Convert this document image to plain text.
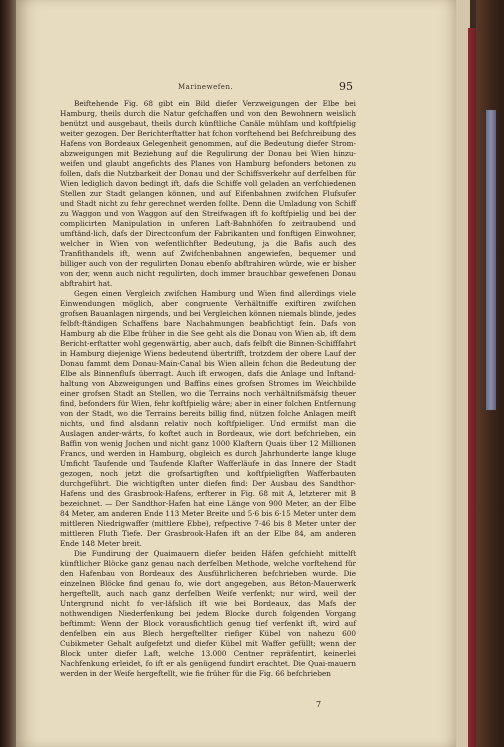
Marinewefen.	95

Beiftehende Fig. 68 gibt ein Bild diefer Verzweigungen der Elbe bei Hamburg, theils durch die Natur gefchaffen und von den Bewohnern weislich benützt und ausgebaut, theils durch künftliche Canäle mühfam und koftfpielig weiter gezogen. Der Berichterftatter hat fchon vorftehend bei Befchreibung des Hafens von Bordeaux Gelegenheit genommen, auf die Bedeutung diefer Strom-abzweigungen mit Beziehung auf die Regulirung der Donau bei Wien hinzu-weifen und glaubt angefichts des Planes von Hamburg befonders betonen zu follen, dafs die Nutzbarkeit der Donau und der Schiffsverkehr auf derfelben für Wien lediglich davon bedingt ift, dafs die Schiffe voll geladen an verfchiedenen Stellen zur Stadt gelangen können, und auf Eifenbahnen zwifchen Flufsufer und Stadt nicht zu fehr gerechnet werden follte. Denn die Umladung von Schiff zu Waggon und von Waggon auf den Streifwagen ift fo koftfpielig und bei der complicirten Manipulation in unferen Laft-Bahnhöfen fo zeitraubend und umftänd-lich, dafs der Directconfum der Fabrikanten und fonftigen Einwohner, welcher in Wien von wefentlichfter Bedeutung, ja die Bafis auch des Tranfithandels ift, wenn auf Zwifchenbahnen angewiefen, bequemer und billiger auch von der regulirten Donau ebenfo abftrahiren würde, wie er bisher von der, wenn auch nicht regulirten, doch immer brauchbar gewefenen Donau abftrahirt hat.

Gegen einen Vergleich zwifchen Hamburg und Wien find allerdings viele Einwendungen möglich, aber congruente Verhältniffe exiftiren zwifchen grofsen Bauanlagen nirgends, und bei Vergleichen können niemals blinde, jedes felbft-ftändigen Schaffens bare Nachahmungen beabfichtigt fein. Dafs von Hamburg ab die Elbe früher in die See geht als die Donau von Wien ab, ift dem Bericht-erftatter wohl gegenwärtig, aber auch, dafs felbft die Binnen-Schifffahrt in Hamburg diejenige Wiens bedeutend übertrifft, trotzdem der obere Lauf der Donau fammt dem Donau-Main-Canal bis Wien allein fchon die Bedeutung der Elbe als Binnenflufs überragt. Auch ift erwogen, dafs die Anlage und Inftand-haltung von Abzweigungen und Baffins eines grofsen Stromes im Weichbilde einer grofsen Stadt an Stellen, wo die Terrains noch verhältnifsmäfsig theuer find, befonders für Wien, fehr koftfpielig wäre; aber in einer folchen Entfernung von der Stadt, wo die Terrains bereits billig find, nützen folche Anlagen meift nichts, und find alsdann relativ noch koftfpieliger. Und ermifst man die Auslagen ander-wärts, fo koftet auch in Bordeaux, wie dort befchrieben, ein Baffin von wenig Jochen und nicht ganz 1000 Klaftern Quais über 12 Millionen Francs, und werden in Hamburg, obgleich es durch Jahrhunderte lange kluge Umficht Taufende und Taufende Klafter Wafferläufe in das Innere der Stadt gezogen, noch jetzt die grofsartigften und koftfpieligften Wafferbauten durchgeführt. Die wichtigften unter diefen find: Der Ausbau des Sandthor-Hafens und des Grasbrook-Hafens, erfterer in Fig. 68 mit A, letzterer mit B bezeichnet. — Der Sandthor-Hafen hat eine Länge von 900 Meter, an der Elbe 84 Meter, am anderen Ende 113 Meter Breite und 5·6 bis 6·15 Meter unter dem mittleren Niedrigwaffer (mittlere Ebbe), refpective 7·46 bis 8 Meter unter der mittleren Fluth Tiefe. Der Grasbrook-Hafen ift an der Elbe 84, am anderen Ende 148 Meter breit.

Die Fundirung der Quaimauern diefer beiden Häfen gefchieht mittelft künftlicher Blöcke ganz genau nach derfelben Methode, welche vorftehend für den Hafenbau von Bordeaux des Ausführlicheren befchrieben wurde. Die einzelnen Blöcke find genau fo, wie dort angegeben, aus Béton-Mauerwerk hergeftellt, auch nach ganz derfelben Weife verfenkt; nur wird, weil der Untergrund nicht fo ver-läfslich ift wie bei Bordeaux, das Mafs der nothwendigen Niederfenkung bei jedem Blocke durch folgenden Vorgang beftimmt: Wenn der Block vorausfichtlich genug tief verfenkt ift, wird auf denfelben ein aus Blech hergeftellter riefiger Kübel von nahezu 600 Cubikmeter Gehalt aufgefetzt und diefer Kübel mit Waffer gefüllt; wenn der Block unter diefer Laft, welche 13.000 Centner repräfentirt, keinerlei Nachfenkung erleidet, fo ift er als genügend fundirt erachtet. Die Quai-mauern werden in der Weife hergeftellt, wie fie früher für die Fig. 66 befchrieben

7
